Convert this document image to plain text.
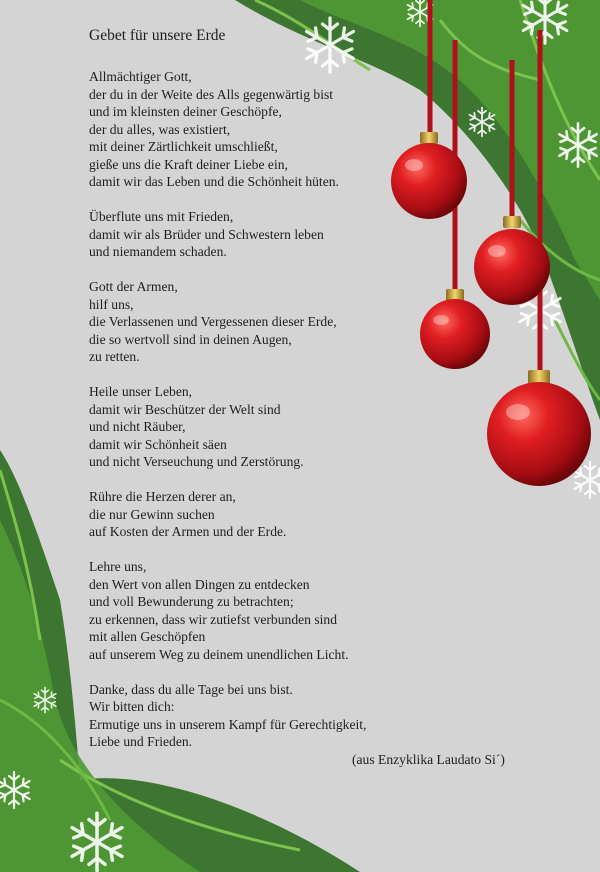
Gebet für unsere Erde
Allmächtiger Gott,
der du in der Weite des Alls gegenwärtig bist
und im kleinsten deiner Geschöpfe,
der du alles, was existiert,
mit deiner Zärtlichkeit umschließt,
gieße uns die Kraft deiner Liebe ein,
damit wir das Leben und die Schönheit hüten.
Überflute uns mit Frieden,
damit wir als Brüder und Schwestern leben
und niemandem schaden.
Gott der Armen,
hilf uns,
die Verlassenen und Vergessenen dieser Erde,
die so wertvoll sind in deinen Augen,
zu retten.
Heile unser Leben,
damit wir Beschützer der Welt sind
und nicht Räuber,
damit wir Schönheit säen
und nicht Verseuchung und Zerstörung.
Rühre die Herzen derer an,
die nur Gewinn suchen
auf Kosten der Armen und der Erde.
Lehre uns,
den Wert von allen Dingen zu entdecken
und voll Bewunderung zu betrachten;
zu erkennen, dass wir zutiefst verbunden sind
mit allen Geschöpfen
auf unserem Weg zu deinem unendlichen Licht.
Danke, dass du alle Tage bei uns bist.
Wir bitten dich:
Ermutige uns in unserem Kampf für Gerechtigkeit,
Liebe und Frieden.
(aus Enzyklika Laudato Si´)
